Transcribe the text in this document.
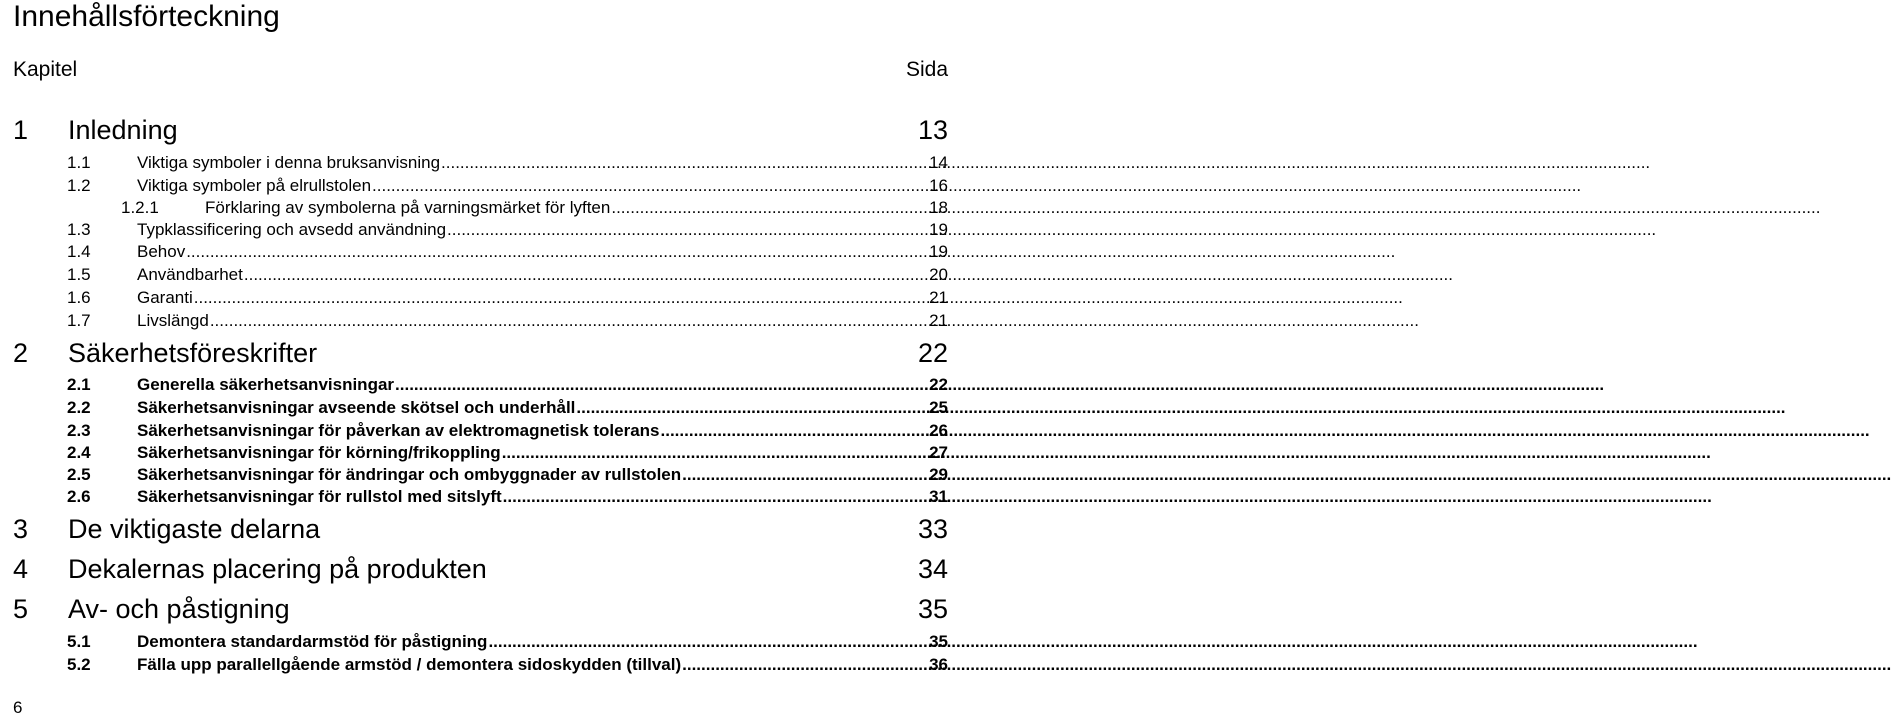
Innehållsförteckning
Kapitel	Sida
1	Inledning	13
1.1	Viktiga symboler i denna bruksanvisning .....	14
1.2	Viktiga symboler på elrullstolen .....	16
1.2.1	Förklaring av symbolerna på varningsmärket för lyften .....	18
1.3	Typklassificering och avsedd användning .....	19
1.4	Behov .....	19
1.5	Användbarhet .....	20
1.6	Garanti .....	21
1.7	Livslängd .....	21
2	Säkerhetsföreskrifter	22
2.1	Generella säkerhetsanvisningar .....	22
2.2	Säkerhetsanvisningar avseende skötsel och underhåll .....	25
2.3	Säkerhetsanvisningar för påverkan av elektromagnetisk tolerans .....	26
2.4	Säkerhetsanvisningar för körning/frikoppling .....	27
2.5	Säkerhetsanvisningar för ändringar och ombyggnader av rullstolen .....	29
2.6	Säkerhetsanvisningar för rullstol med sitslyft .....	31
3	De viktigaste delarna	33
4	Dekalernas placering på produkten	34
5	Av- och påstigning	35
5.1	Demontera standardarmstöd för påstigning .....	35
5.2	Fälla upp parallellgående armstöd / demontera sidoskydden (tillval) .....	36
6
